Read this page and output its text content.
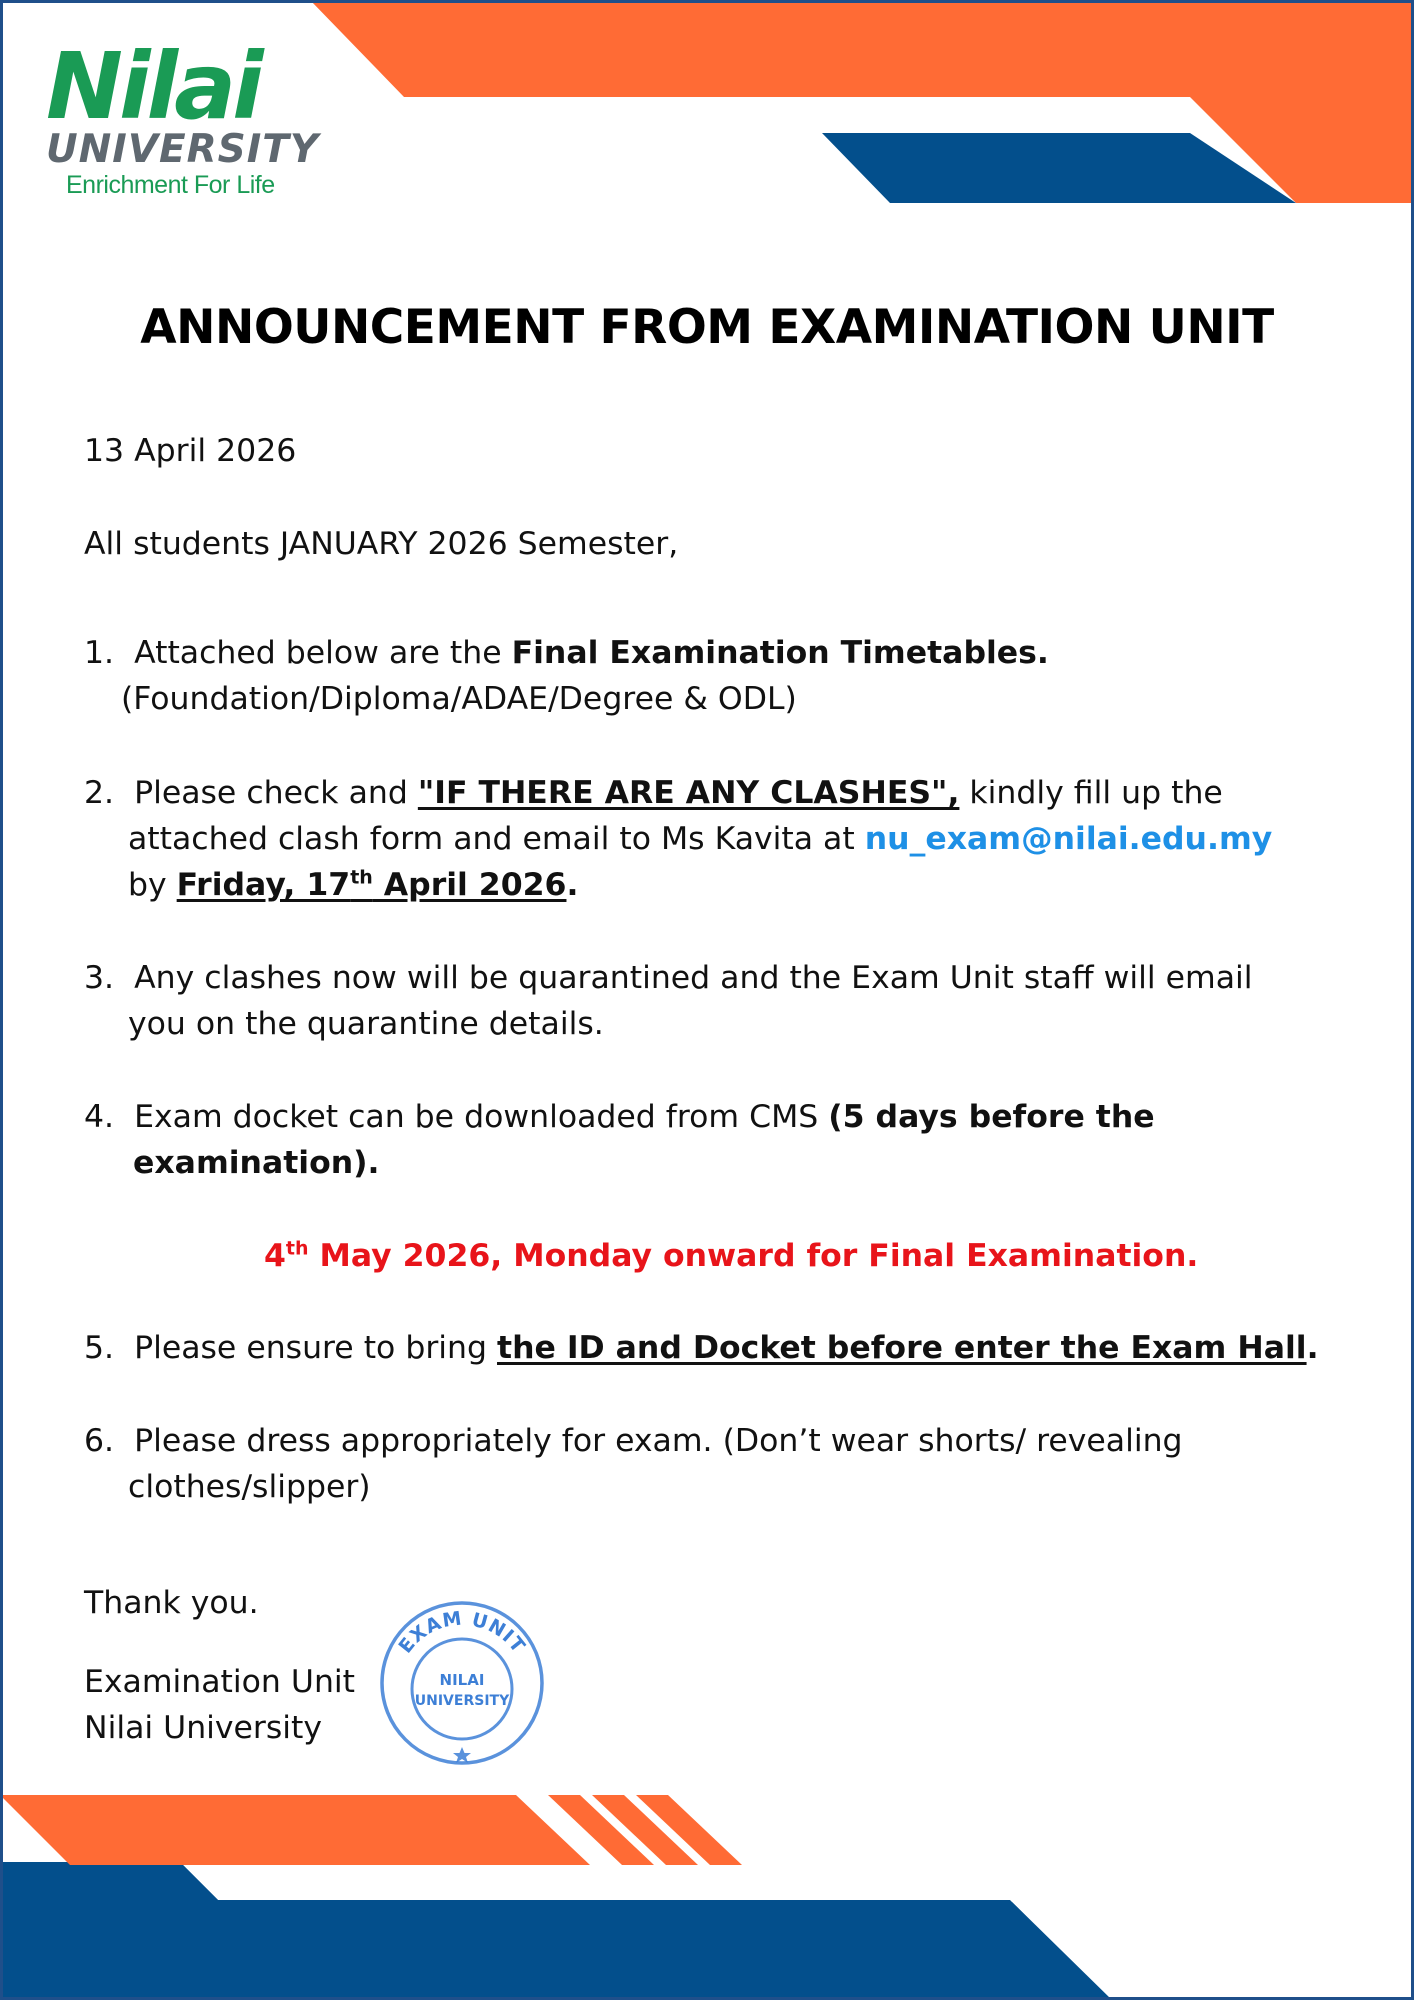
Nilai
UNIVERSITY
Enrichment For Life
ANNOUNCEMENT FROM EXAMINATION UNIT
13 April 2026
All students JANUARY 2026 Semester,
1. Attached below are the Final Examination Timetables.
(Foundation/Diploma/ADAE/Degree & ODL)
2. Please check and "IF THERE ARE ANY CLASHES", kindly fill up the
attached clash form and email to Ms Kavita at nu_exam@nilai.edu.my
by Friday, 17th April 2026.
3. Any clashes now will be quarantined and the Exam Unit staff will email
you on the quarantine details.
4. Exam docket can be downloaded from CMS (5 days before the
examination).
4th May 2026, Monday onward for Final Examination.
5. Please ensure to bring the ID and Docket before enter the Exam Hall.
6. Please dress appropriately for exam. (Don’t wear shorts/ revealing
clothes/slipper)
Thank you.
Examination Unit
Nilai University
EXAM UNIT
NILAI
UNIVERSITY
